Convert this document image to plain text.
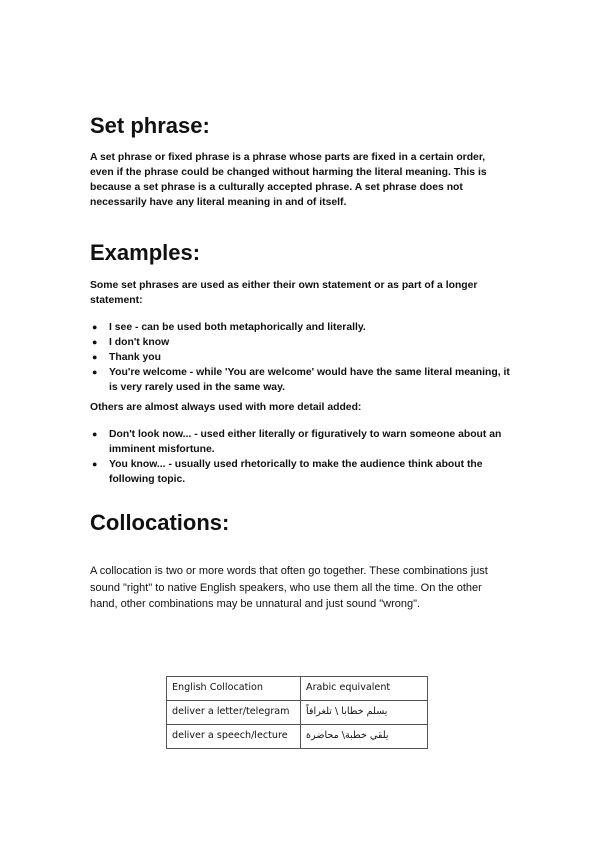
Set phrase:

A set phrase or fixed phrase is a phrase whose parts are fixed in a certain order, even if the phrase could be changed without harming the literal meaning. This is because a set phrase is a culturally accepted phrase. A set phrase does not necessarily have any literal meaning in and of itself.

Examples:

Some set phrases are used as either their own statement or as part of a longer statement:

● I see - can be used both metaphorically and literally.
● I don't know
● Thank you
● You're welcome - while 'You are welcome' would have the same literal meaning, it is very rarely used in the same way.

Others are almost always used with more detail added:

● Don't look now... - used either literally or figuratively to warn someone about an imminent misfortune.
● You know... - usually used rhetorically to make the audience think about the following topic.
Collocations:

A collocation is two or more words that often go together. These combinations just sound "right" to native English speakers, who use them all the time. On the other hand, other combinations may be unnatural and just sound "wrong".

English Collocation	Arabic equivalent
deliver a letter/telegram	يسلم خطابا \ تلغرافاً

deliver a speech/lecture	يلقي خطبة\ محاضرة
